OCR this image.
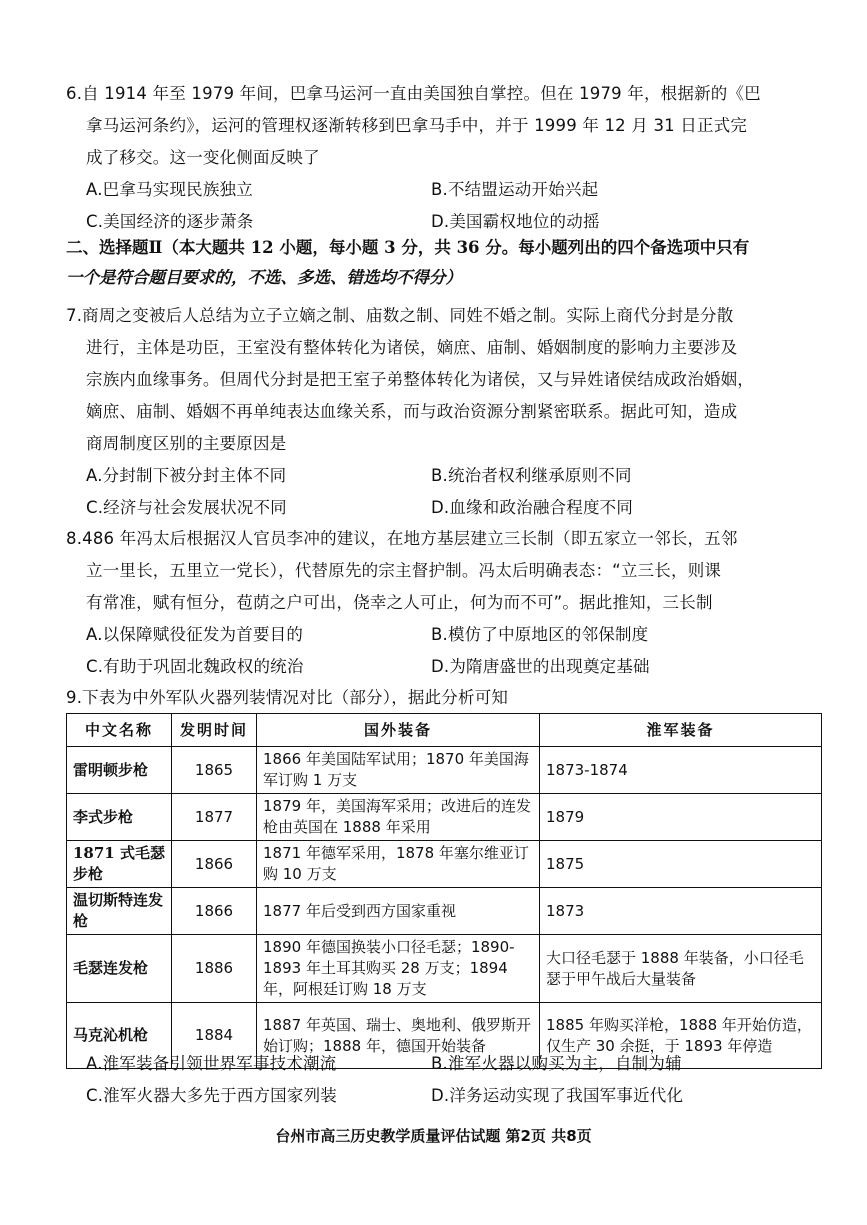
6.自 1914 年至 1979 年间，巴拿马运河一直由美国独自掌控。但在 1979 年，根据新的《巴

拿马运河条约》，运河的管理权逐渐转移到巴拿马手中，并于 1999 年 12 月 31 日正式完

成了移交。这一变化侧面反映了

A.巴拿马实现民族独立	B.不结盟运动开始兴起
C.美国经济的逐步萧条	D.美国霸权地位的动摇
二、选择题Ⅱ（本大题共 12 小题，每小题 3 分，共 36 分。每小题列出的四个备选项中只有
一个是符合题目要求的，不选、多选、错选均不得分）

7.商周之变被后人总结为立子立嫡之制、庙数之制、同姓不婚之制。实际上商代分封是分散

进行，主体是功臣，王室没有整体转化为诸侯，嫡庶、庙制、婚姻制度的影响力主要涉及

宗族内血缘事务。但周代分封是把王室子弟整体转化为诸侯，又与异姓诸侯结成政治婚姻，

嫡庶、庙制、婚姻不再单纯表达血缘关系，而与政治资源分割紧密联系。据此可知，造成

商周制度区别的主要原因是

A.分封制下被分封主体不同	B.统治者权利继承原则不同
C.经济与社会发展状况不同	D.血缘和政治融合程度不同

8.486 年冯太后根据汉人官员李冲的建议，在地方基层建立三长制（即五家立一邻长，五邻

立一里长，五里立一党长），代替原先的宗主督护制。冯太后明确表态：“立三长，则课

有常准，赋有恒分，苞荫之户可出，侥幸之人可止，何为而不可”。据此推知，三长制

A.以保障赋役征发为首要目的	B.模仿了中原地区的邻保制度
C.有助于巩固北魏政权的统治	D.为隋唐盛世的出现奠定基础

9.下表为中外军队火器列装情况对比（部分），据此分析可知

中文名称	发明时间	国外装备	淮军装备
雷明顿步枪	1865	1866 年美国陆军试用；1870 年美国海军订购 1 万支	1873-1874
李式步枪	1877	1879 年，美国海军采用；改进后的连发枪由英国在 1888 年采用	1879
1871 式毛瑟步枪	1866	1871 年德军采用，1878 年塞尔维亚订购 10 万支	1875
温切斯特连发枪	1866	1877 年后受到西方国家重视	1873
毛瑟连发枪	1886	1890 年德国换装小口径毛瑟；1890-1893 年土耳其购买 28 万支；1894 年，阿根廷订购 18 万支	大口径毛瑟于 1888 年装备，小口径毛瑟于甲午战后大量装备
马克沁机枪	1884	1887 年英国、瑞士、奥地利、俄罗斯开始订购；1888 年，德国开始装备	1885 年购买洋枪，1888 年开始仿造，仅生产 30 余挺，于 1893 年停造
A.淮军装备引领世界军事技术潮流	B.淮军火器以购买为主，自制为辅
C.淮军火器大多先于西方国家列装	D.洋务运动实现了我国军事近代化
台州市高三历史教学质量评估试题 第2页 共8页
